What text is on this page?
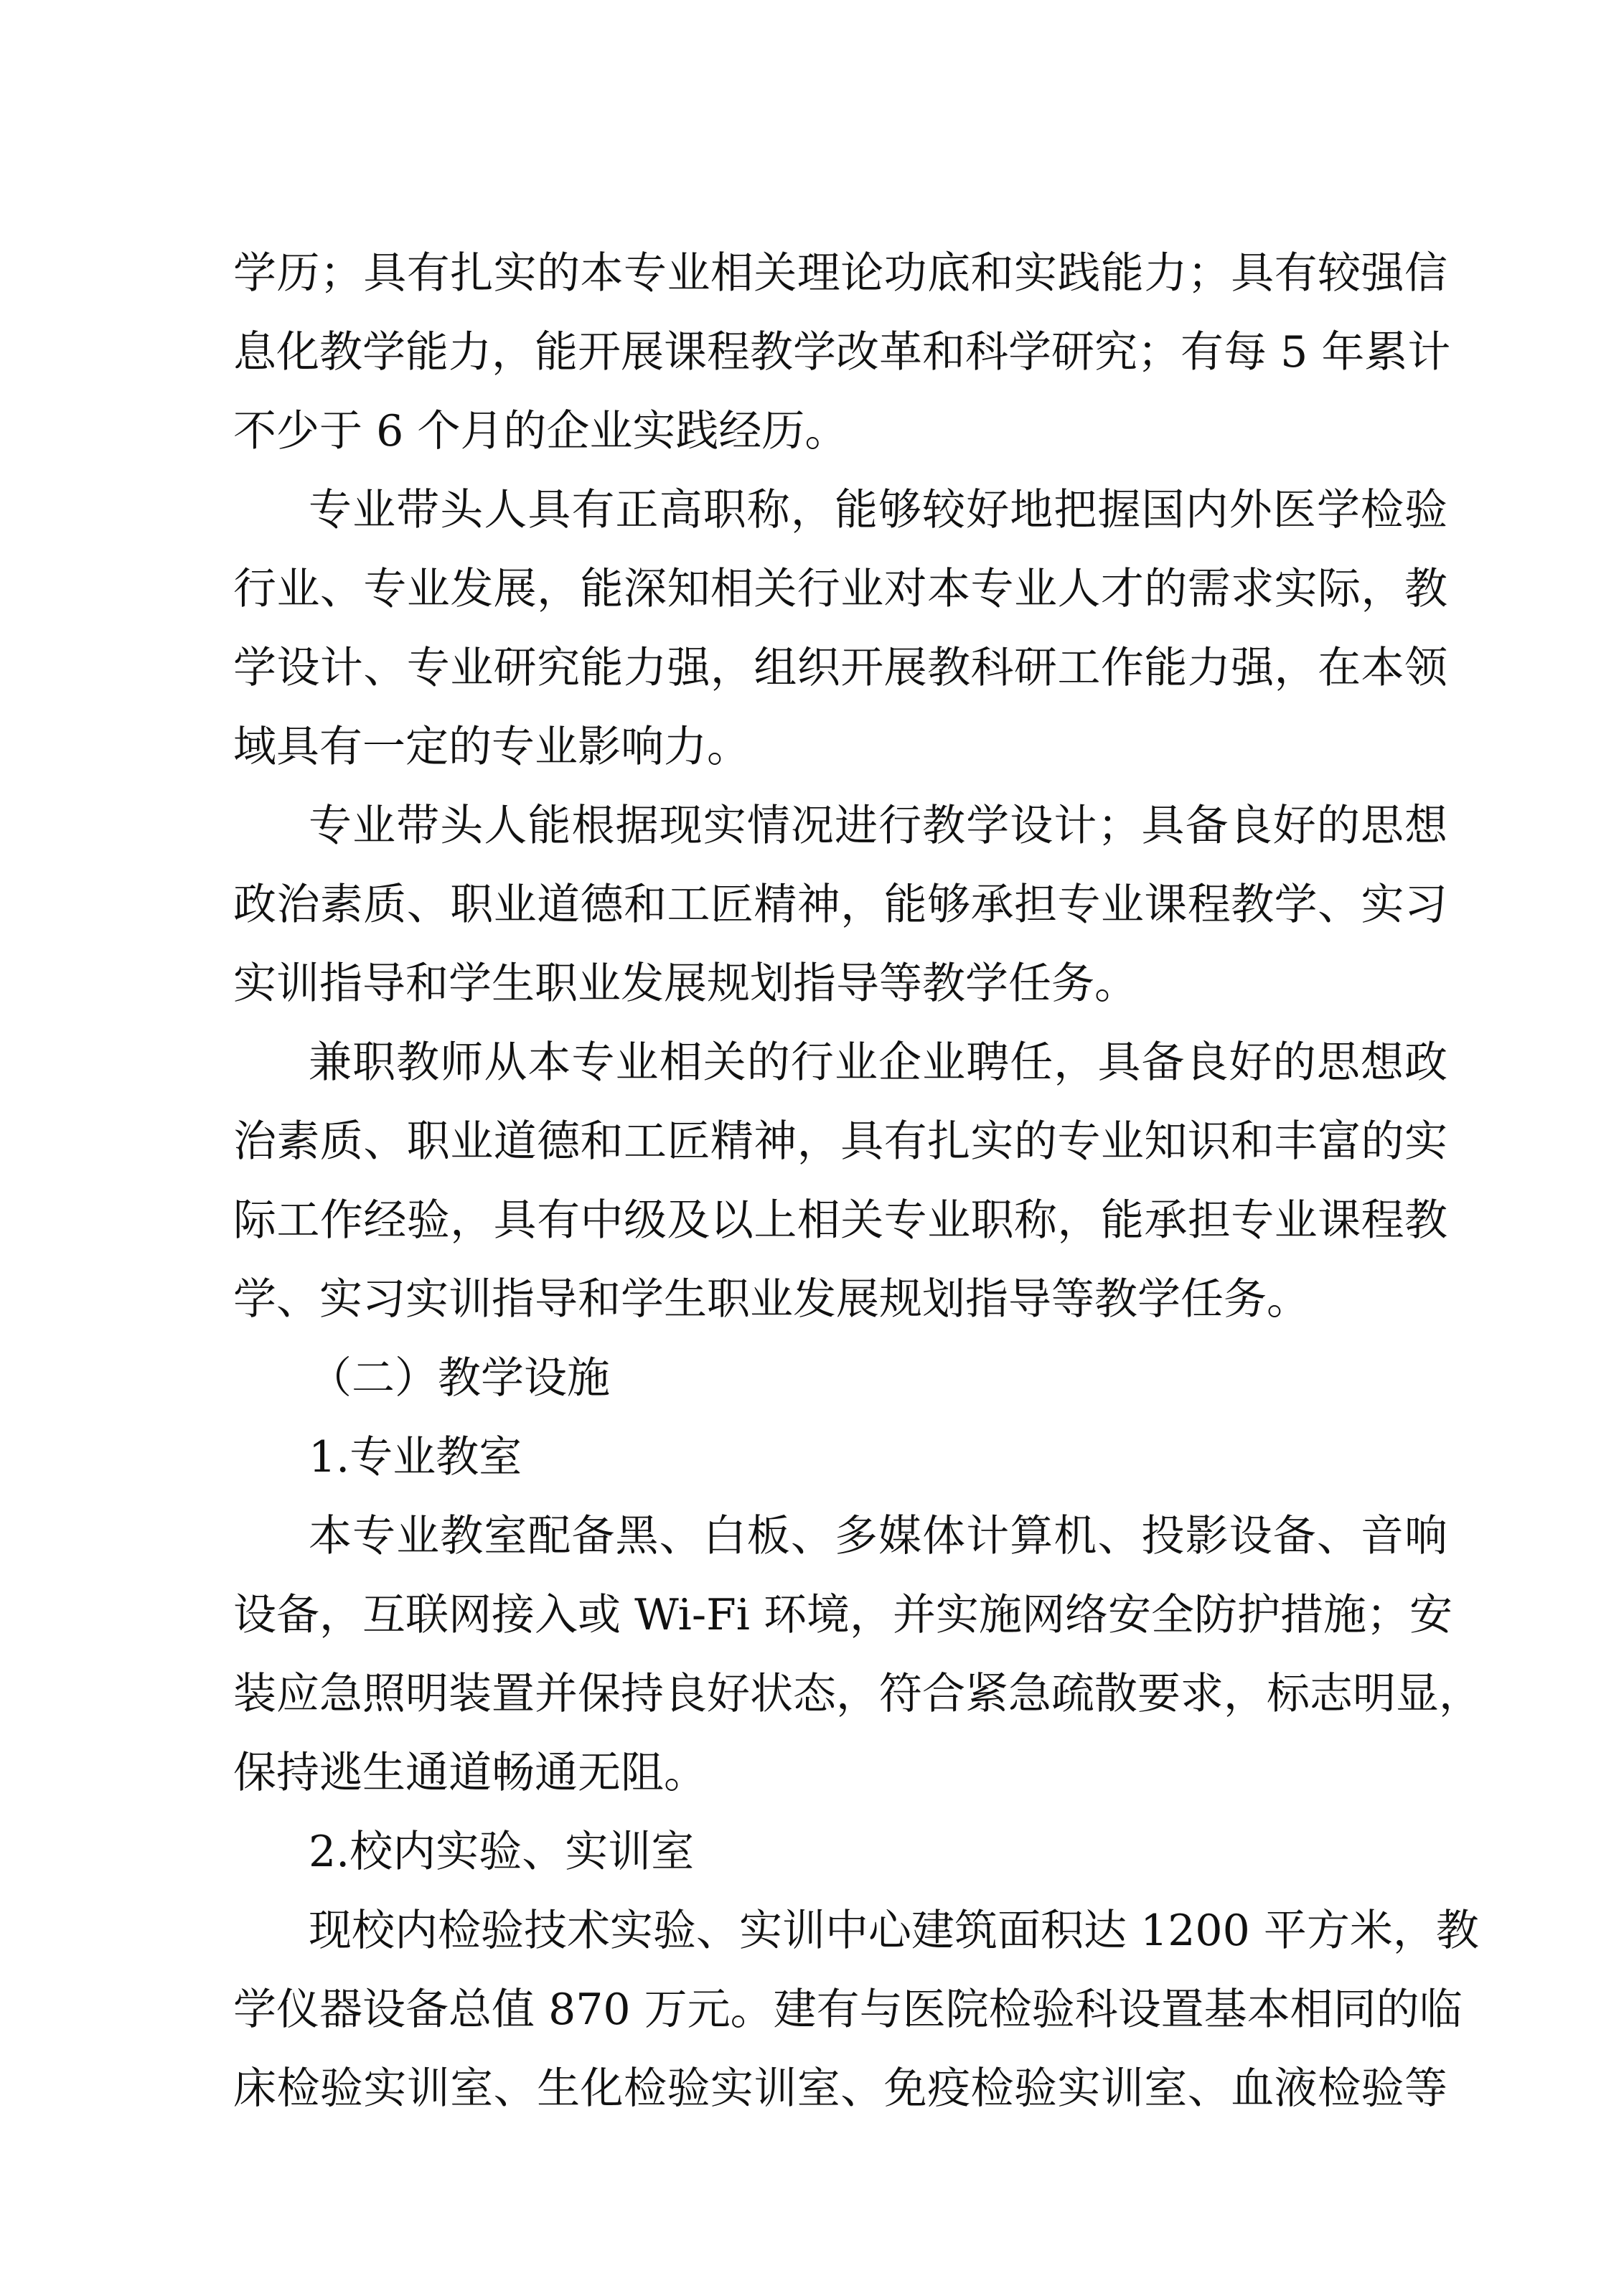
学历；具有扎实的本专业相关理论功底和实践能力；具有较强信
息化教学能力，能开展课程教学改革和科学研究；有每 5 年累计
不少于 6 个月的企业实践经历。
专业带头人具有正高职称，能够较好地把握国内外医学检验
行业、专业发展，能深知相关行业对本专业人才的需求实际，教
学设计、专业研究能力强，组织开展教科研工作能力强，在本领
域具有一定的专业影响力。
专业带头人能根据现实情况进行教学设计；具备良好的思想
政治素质、职业道德和工匠精神，能够承担专业课程教学、实习
实训指导和学生职业发展规划指导等教学任务。
兼职教师从本专业相关的行业企业聘任，具备良好的思想政
治素质、职业道德和工匠精神，具有扎实的专业知识和丰富的实
际工作经验，具有中级及以上相关专业职称，能承担专业课程教
学、实习实训指导和学生职业发展规划指导等教学任务。
（二）教学设施
1.专业教室
本专业教室配备黑、白板、多媒体计算机、投影设备、音响
设备，互联网接入或 Wi-Fi 环境，并实施网络安全防护措施；安
装应急照明装置并保持良好状态，符合紧急疏散要求，标志明显，
保持逃生通道畅通无阻。
2.校内实验、实训室
现校内检验技术实验、实训中心建筑面积达 1200 平方米，教
学仪器设备总值 870 万元。建有与医院检验科设置基本相同的临
床检验实训室、生化检验实训室、免疫检验实训室、血液检验等
